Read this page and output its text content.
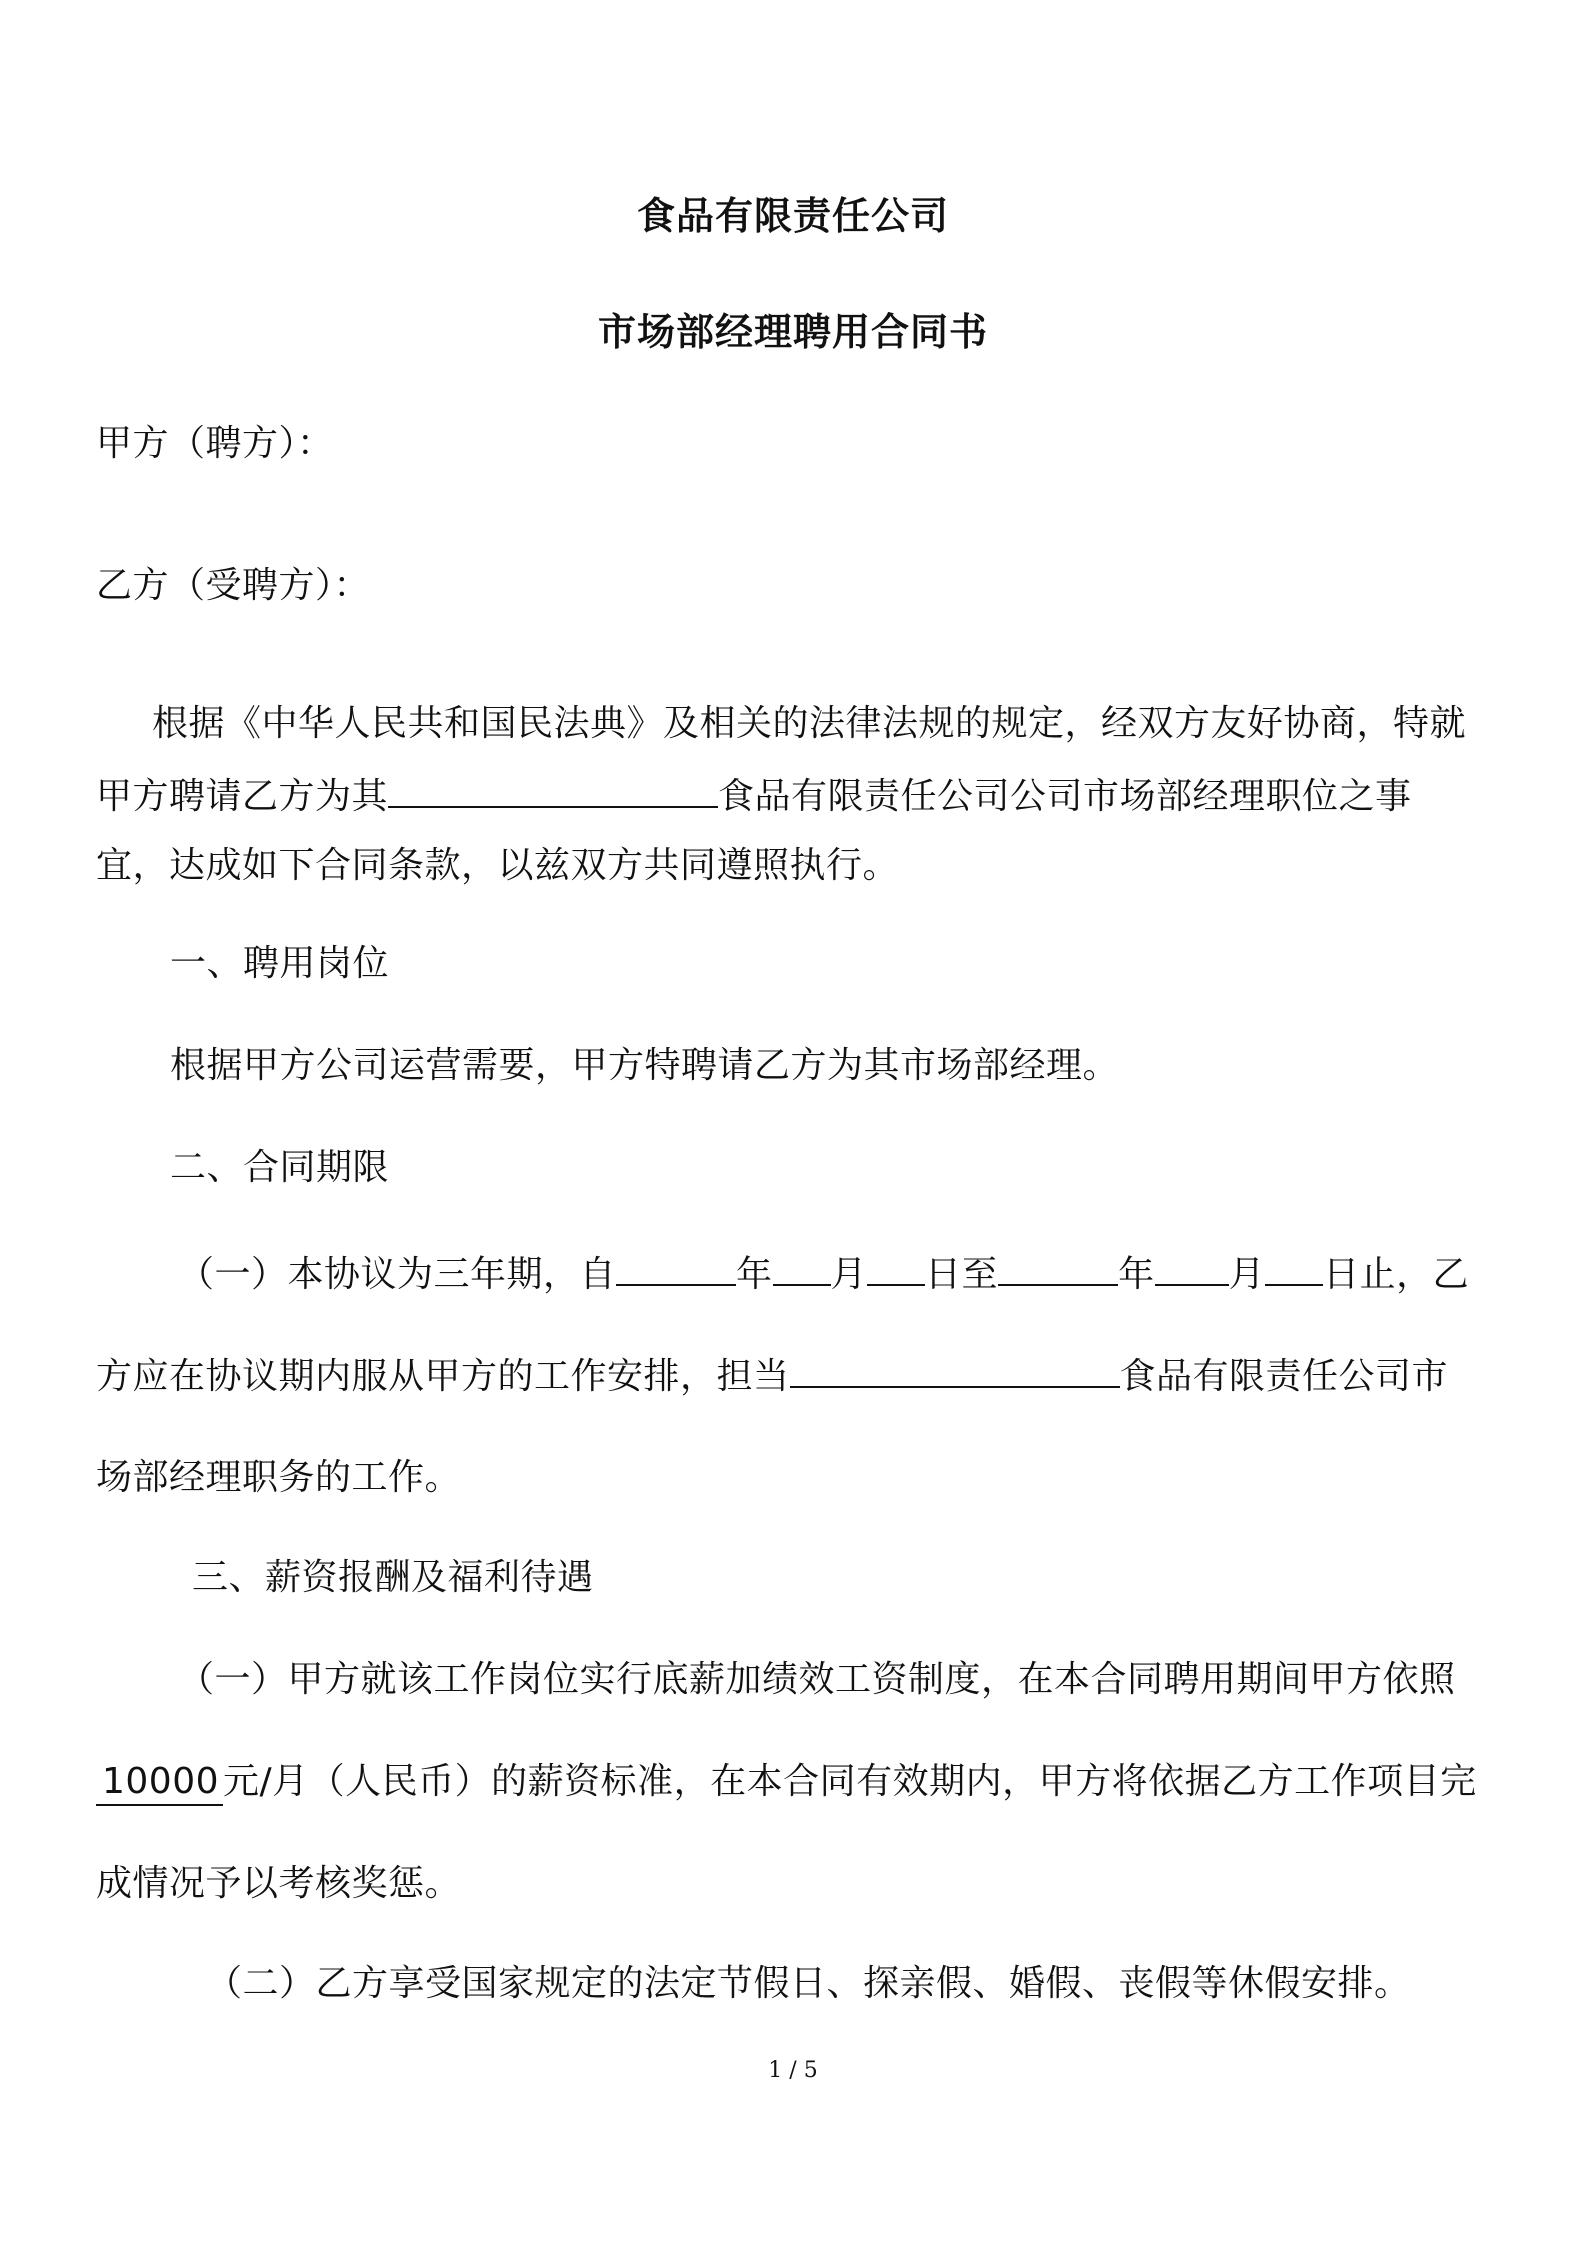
食品有限责任公司
市场部经理聘用合同书
甲方（聘方）：
乙方（受聘方）：
根据《中华人民共和国民法典》及相关的法律法规的规定，经双方友好协商，特就
甲方聘请乙方为其	食品有限责任公司公司市场部经理职位之事
宜，达成如下合同条款，以兹双方共同遵照执行。
一、聘用岗位
根据甲方公司运营需要，甲方特聘请乙方为其市场部经理。
二、合同期限
（一）本协议为三年期，自	年 月 日至	年 月 日止，乙
方应在协议期内服从甲方的工作安排，担当	食品有限责任公司市
场部经理职务的工作。
三、薪资报酬及福利待遇
（一）甲方就该工作岗位实行底薪加绩效工资制度，在本合同聘用期间甲方依照
10000 元/月（人民币）的薪资标准，在本合同有效期内，甲方将依据乙方工作项目完
成情况予以考核奖惩。
（二）乙方享受国家规定的法定节假日、探亲假、婚假、丧假等休假安排。
1 / 5
